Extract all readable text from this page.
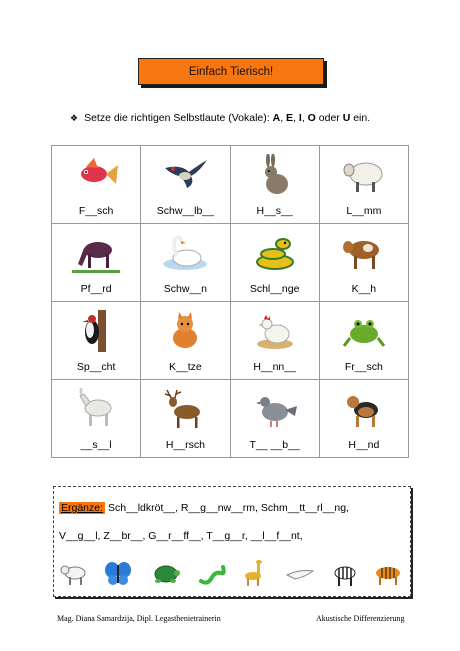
Einfach Tierisch!
❖ Setze die richtigen Selbstlaute (Vokale): A, E, I, O oder U ein.
F__sch	Schw__lb__	H__s__	L__mm

Pf__rd	Schw__n	Schl__nge	K__h

Sp__cht	K__tze	H__nn__	Fr__sch

__s__l	H__rsch	T__ __b__	H__nd
Ergänze: Sch__ldkröt__, R__g__nw__rm, Schm__tt__rl__ng,
V__g__l, Z__br__, G__r__ff__, T__g__r, __l__f__nt,
Mag. Diana Samardzija, Dipl. Legasthenietrainerin	Akustische Differenzierung
